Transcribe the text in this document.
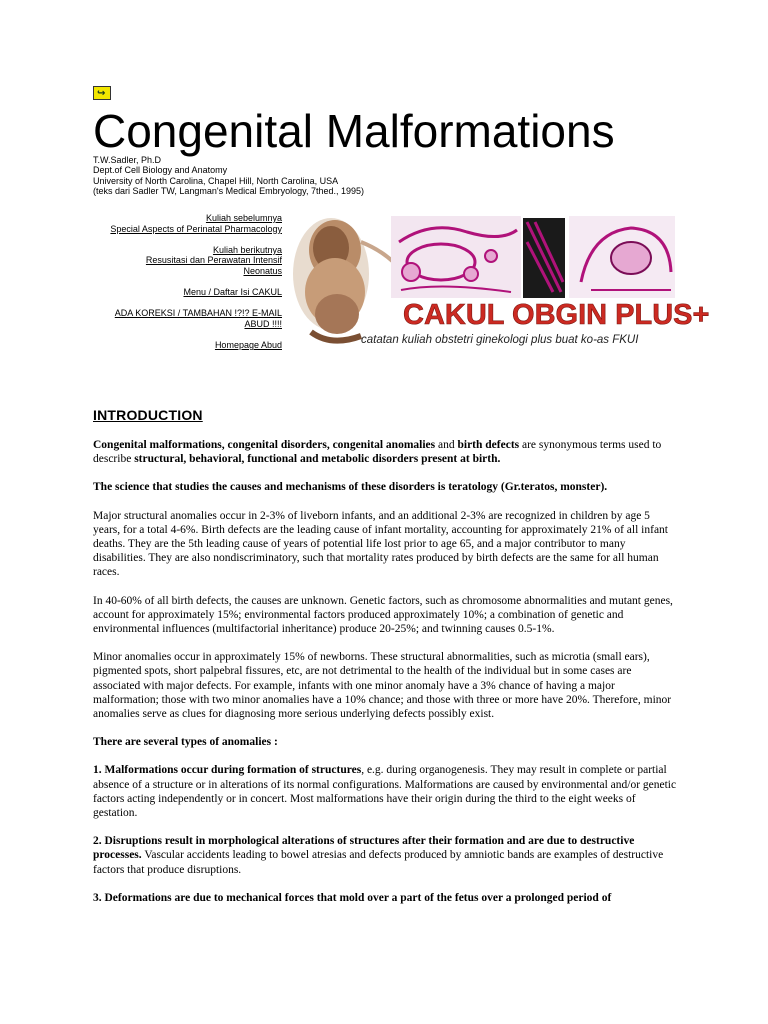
↪
Congenital Malformations
T.W.Sadler, Ph.D
Dept.of Cell Biology and Anatomy
University of North Carolina, Chapel Hill, North Carolina, USA
(teks dari Sadler TW, Langman's Medical Embryology, 7thed., 1995)
Kuliah sebelumnya
Special Aspects of Perinatal Pharmacology
Kuliah berikutnya
Resusitasi dan Perawatan Intensif
Neonatus
Menu / Daftar Isi CAKUL
ADA KOREKSI / TAMBAHAN !?!? E-MAIL
ABUD !!!!
Homepage Abud
CAKUL OBGIN PLUS+
catatan kuliah obstetri ginekologi plus buat ko-as FKUI
INTRODUCTION

Congenital malformations, congenital disorders, congenital anomalies and birth defects are synonymous terms used to describe structural, behavioral, functional and metabolic disorders present at birth.

The science that studies the causes and mechanisms of these disorders is teratology (Gr.teratos, monster).

Major structural anomalies occur in 2-3% of liveborn infants, and an additional 2-3% are recognized in children by age 5 years, for a total 4-6%. Birth defects are the leading cause of infant mortality, accounting for approximately 21% of all infant deaths. They are the 5th leading cause of years of potential life lost prior to age 65, and a major contributor to many disabilities. They are also nondiscriminatory, such that mortality rates produced by birth defects are the same for all human races.

In 40-60% of all birth defects, the causes are unknown. Genetic factors, such as chromosome abnormalities and mutant genes, account for approximately 15%; environmental factors produced approximately 10%; a combination of genetic and environmental influences (multifactorial inheritance) produce 20-25%; and twinning causes 0.5-1%.

Minor anomalies occur in approximately 15% of newborns. These structural abnormalities, such as microtia (small ears), pigmented spots, short palpebral fissures, etc, are not detrimental to the health of the individual but in some cases are associated with major defects. For example, infants with one minor anomaly have a 3% chance of having a major malformation; those with two minor anomalies have a 10% chance; and those with three or more have 20%. Therefore, minor anomalies serve as clues for diagnosing more serious underlying defects possibly exist.

There are several types of anomalies :

1. Malformations occur during formation of structures, e.g. during organogenesis. They may result in complete or partial absence of a structure or in alterations of its normal configurations. Malformations are caused by environmental and/or genetic factors acting independently or in concert. Most malformations have their origin during the third to the eight weeks of gestation.

2. Disruptions result in morphological alterations of structures after their formation and are due to destructive processes. Vascular accidents leading to bowel atresias and defects produced by amniotic bands are examples of destructive factors that produce disruptions.

3. Deformations are due to mechanical forces that mold over a part of the fetus over a prolonged period of
